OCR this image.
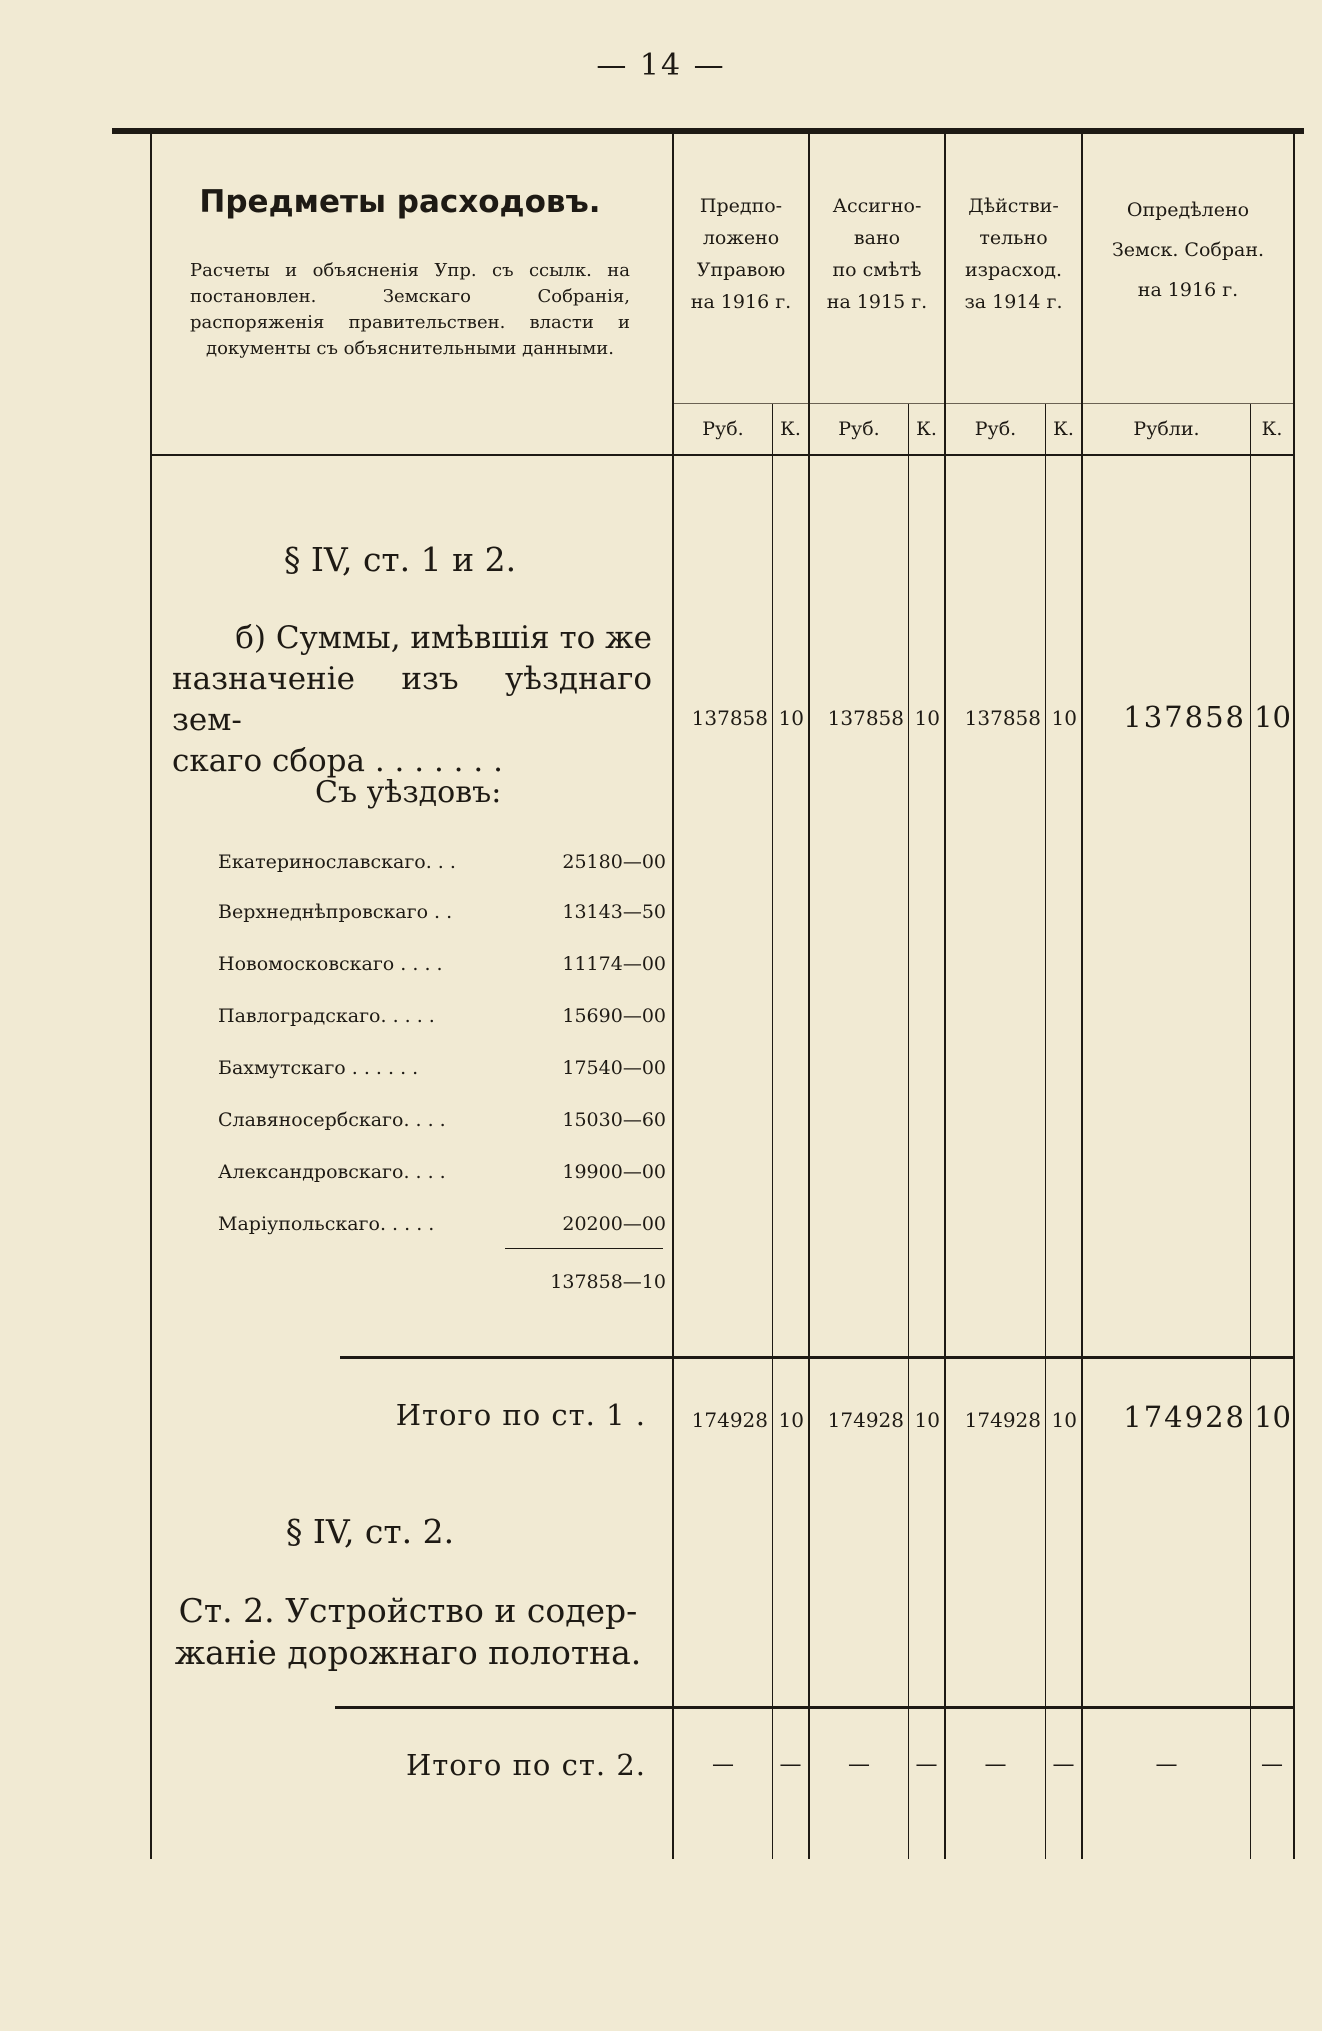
— 14 —
Предметы расходовъ.
Расчеты и объясненія Упр. съ ссылк. на постановлен. Земскаго Собранія, распоряженія правительствен. власти и документы съ объяснительными данными.
Предпо-
ложено
Управою
на 1916 г.
Ассигно-
вано
по смѣтѣ
на 1915 г.
Дѣйстви-
тельно
израсход.
за 1914 г.
Опредѣлено
Земск. Собран.
на 1916 г.
Руб.	К.	Руб.	К.	Руб.	К.	Рубли.	К.
§ IV, ст. 1 и 2.
б) Суммы, имѣвшія то же
назначеніе изъ уѣзднаго зем-
скаго сбора . . . . . . .
137858 10	137858 10	137858 10	137858 10
Съ уѣздовъ:
Екатеринославскаго. . .	25180—00
Верхнеднѣпровскаго . .	13143—50
Новомосковскаго . . . .	11174—00
Павлоградскаго. . . . .	15690—00
Бахмутскаго . . . . . .	17540—00
Славяносербскаго. . . .	15030—60
Александровскаго. . . .	19900—00
Маріупольскаго. . . . .	20200—00
137858—10
Итого по ст. 1 .	174928 10	174928 10	174928 10	174928 10
§ IV, ст. 2.
Ст. 2. Устройство и содер-
жаніе дорожнаго полотна.
Итого по ст. 2.	—	—	—	—	—	—	—	—
